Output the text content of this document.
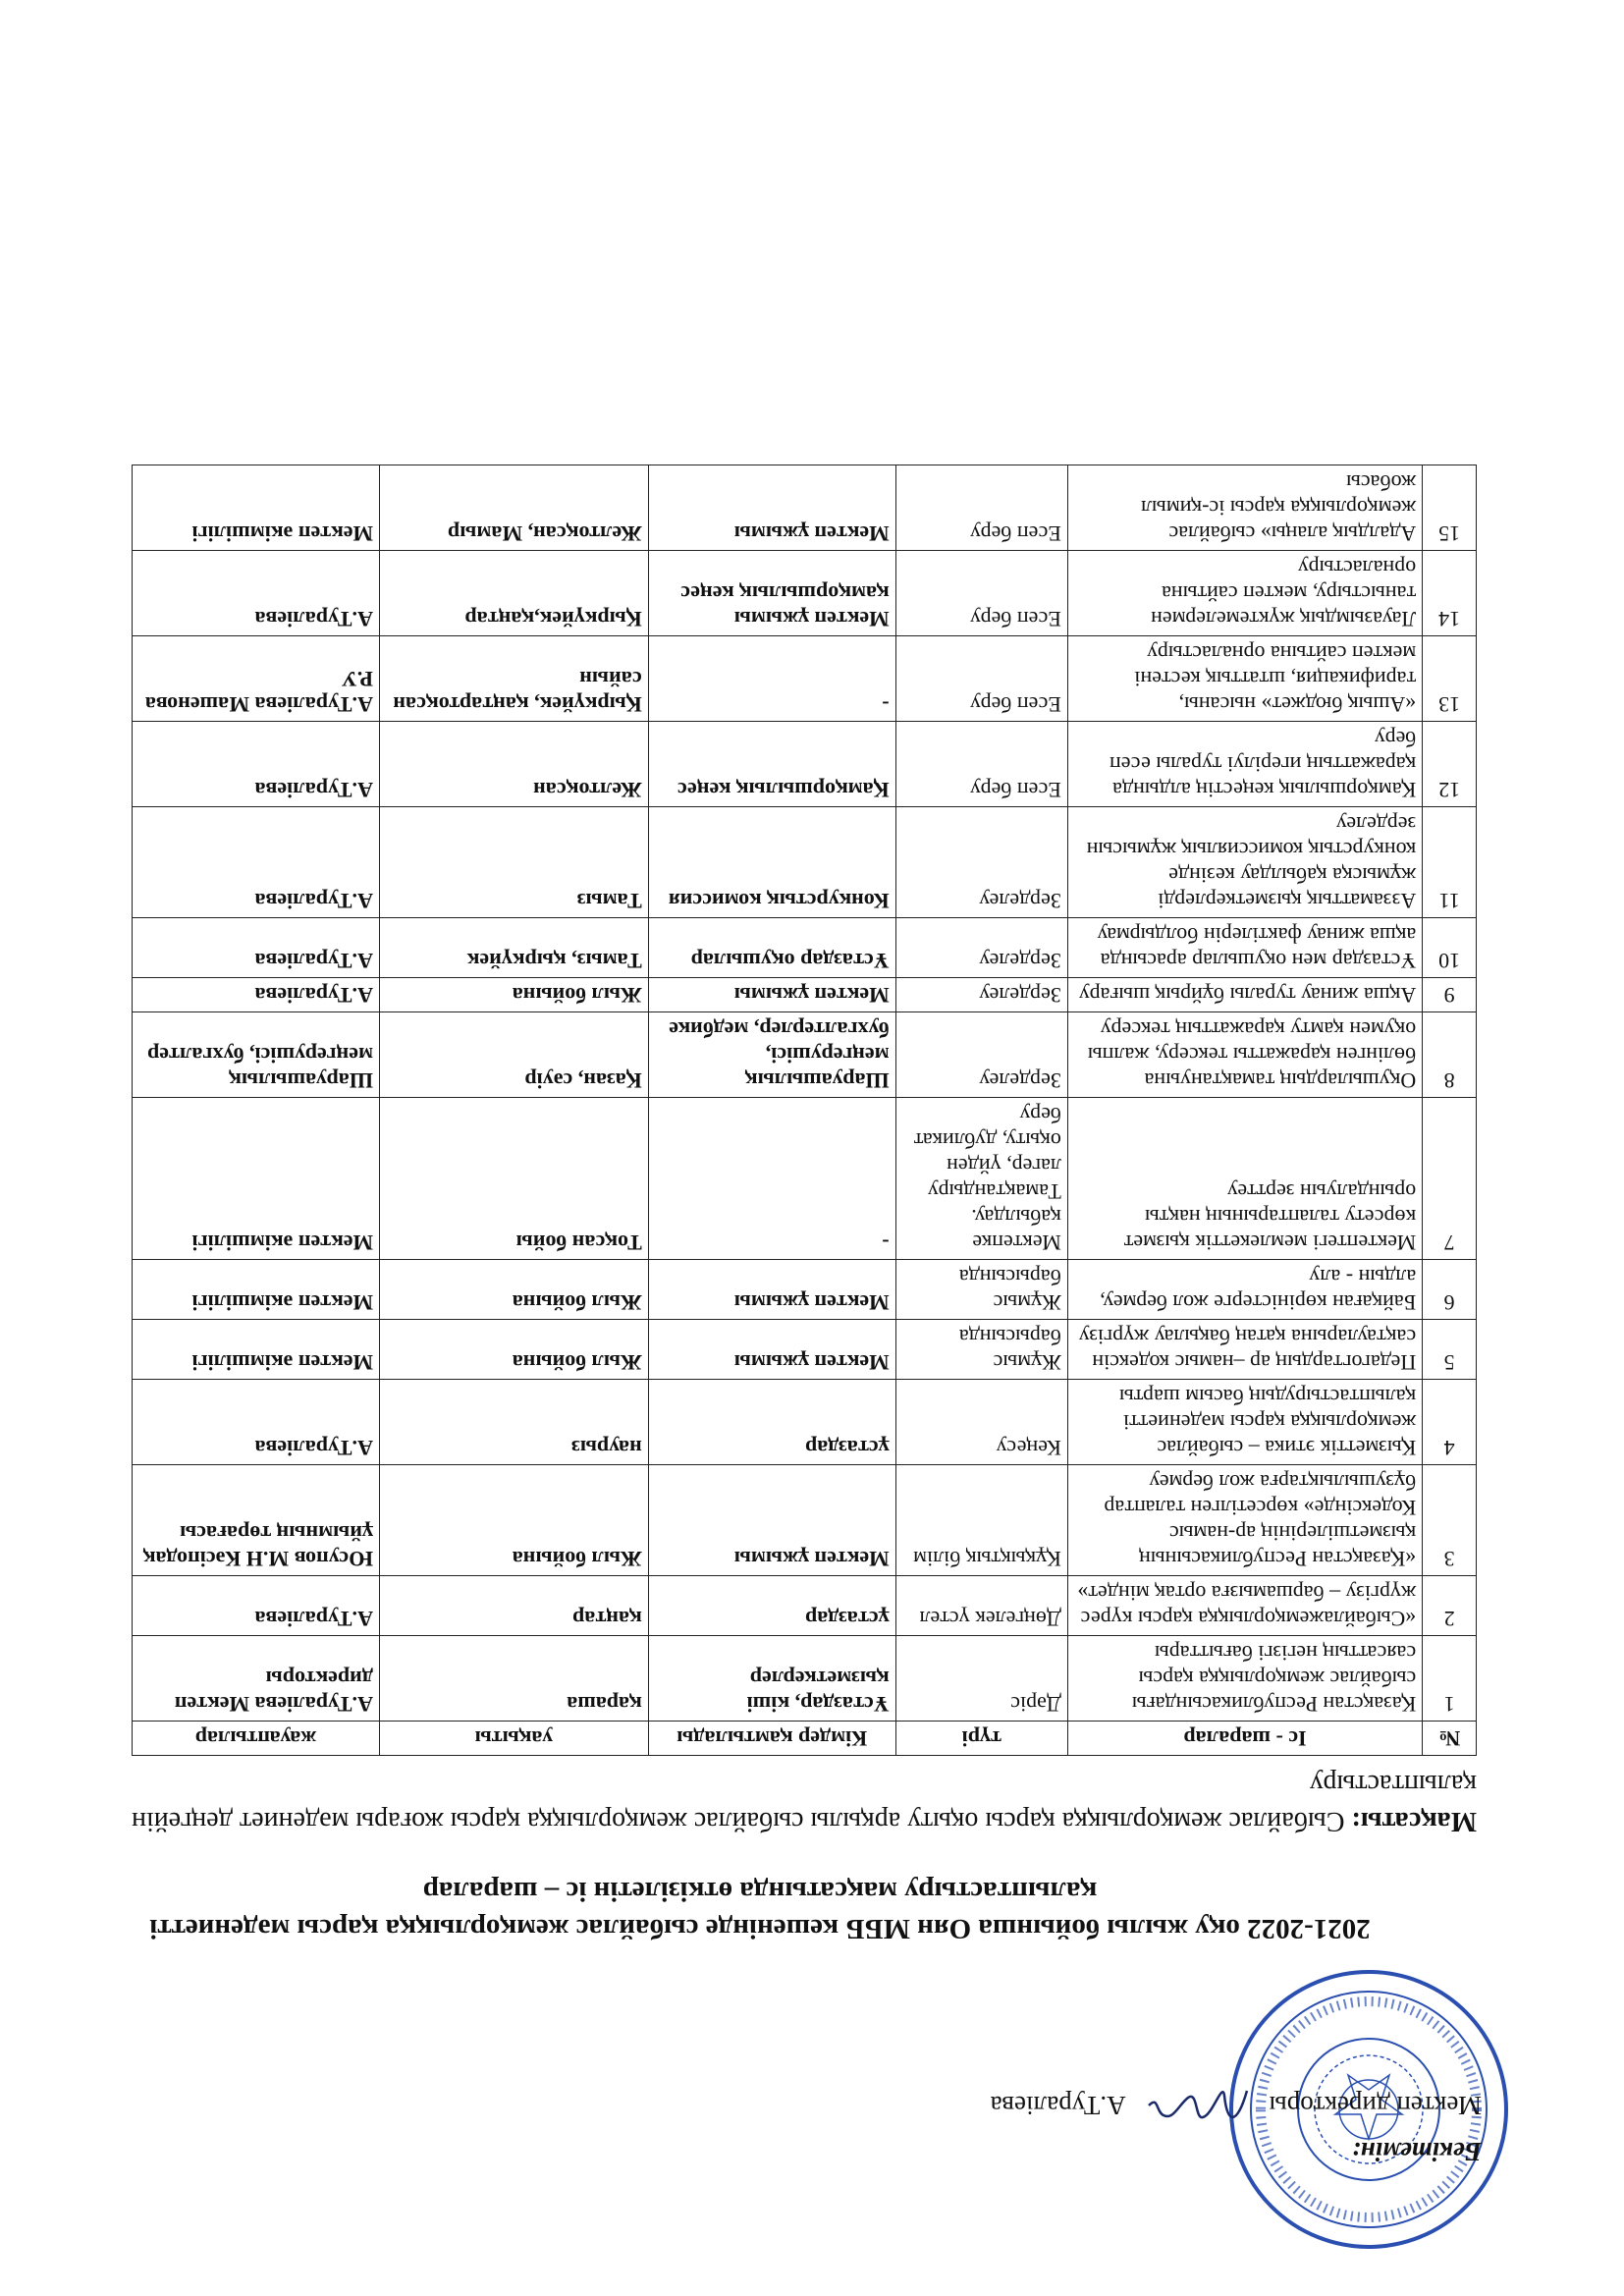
Бекітемін:
Мектеп директоры
А.Тураліева
2021-2022 оқу жылы бойынша Оян МББ кешенінде сыбайлас жемқорлыққа қарсы мәдениетті қалыптастыру мақсатында өткізілетін іс – шаралар
Мақсаты: Сыбайлас жемқорлыққа қарсы оқыту арқылы сыбайлас жемқорлыққа қарсы жоғары мәдениет деңгейін қалыптастыру
№	Іс - шаралар	түрі	Кімдер қамтылады	уақыты	жауаптылар
1	Қазақстан Республикасындағы сыбайлас жемқорлыққа қарсы саясаттың негізгі бағыттары	Дәріс	Ұстаздар, кіші қызметкерлер	қараша	А.Тураліева Мектеп директоры
2	«Сыбайлажемқорлыққа қарсы күрес жүргізу – баршамызға ортақ міндет»	Дөңгелек үстел	ұстаздар	қаңтар	А.Тураліева
3	«Қазақстан Республикасының қызметшілерінің ар-намыс Кодексінде» көрсетілген талаптар бұзушылықтарға жол бермеу	Құқықтық білім	Мектеп ұжымы	Жыл бойына	Юсупов М.Н Кәсіподақ ұйымның төрағасы
4	Қызметтік этика – сыбайлас жемқорлыққа қарсы мәдениетті қалыптастырудың басым шарты	Кеңесу	ұстаздар	наурыз	А.Тураліева
5	Педагогтардың ар –намыс кодексін сақтауларына қатаң бақылау жүргізу	Жұмыс барысында	Мектеп ұжымы	Жыл бойына	Мектеп әкімшілігі
6	Байқаған көріністерге жол бермеу, алдын - алу	Жұмыс барысында	Мектеп ұжымы	Жыл бойына	Мектеп әкімшілігі
7	Мектептегі мемлекеттік қызмет көрсету талаптарының нақты орындалуын зерттеу	Мектепке қабылдау. Тамақтандыру лагер, үйден оқыту, дубликат беру	-	Тоқсан бойы	Мектеп әкімшілігі
8	Оқушылардың тамақтануына бөлінген қаражатты тексеру, жалпы оқумен қамту қаражаттың тексеру	Зерделеу	Шаруашылық меңгерушісі, бухгалтерлер, медбике	Қазан, сәуір	Шаруашылық меңгерушісі, бухгалтер
9	Ақша жинау туралы бұйрық шығару	Зерделеу	Мектеп ұжымы	Жыл бойына	А.Тураліева
10	Ұстаздар мен оқушылар арасында ақша жинау фактілерін болдырмау	Зерделеу	Ұстаздар оқушылар	Тамыз, қыркүйек	А.Тураліева
11	Аззаматтық қызметкерлерді жұмысқа қабылдау кезінде конкурстық комиссиялық жұмысын зерделеу	Зерделеу	Конкурстық комиссия	Тамыз	А.Тураліева
12	Қамқоршылық кеңестің алдында қаражаттың игерілуі туралы есеп беру	Есеп беру	Қамқоршылық кеңес	Желтоқсан	А.Тураліева
13	«Ашық бюджет» нысаны, тарификация, штаттық кестені мектеп сайтына орналастыру	Есеп беру	-	Қыркүйек, қаңтартоқсан сайын	А.Тураліева Машенова Р.У
14	Лауазымдық жүктемелермен таныстыру, мектеп сайтына орналастыру	Есеп беру	Мектеп ұжымы қамқоршылық кеңес	Қыркүйек,қаңтар	А.Тураліева
15	Адалдық алаңы» сыбайлас жемқорлыққа қарсы іс-қимыл жобасы	Есеп беру	Мектеп ұжымы	Желтоқсан, Мамыр	Мектеп әкімшілігі
